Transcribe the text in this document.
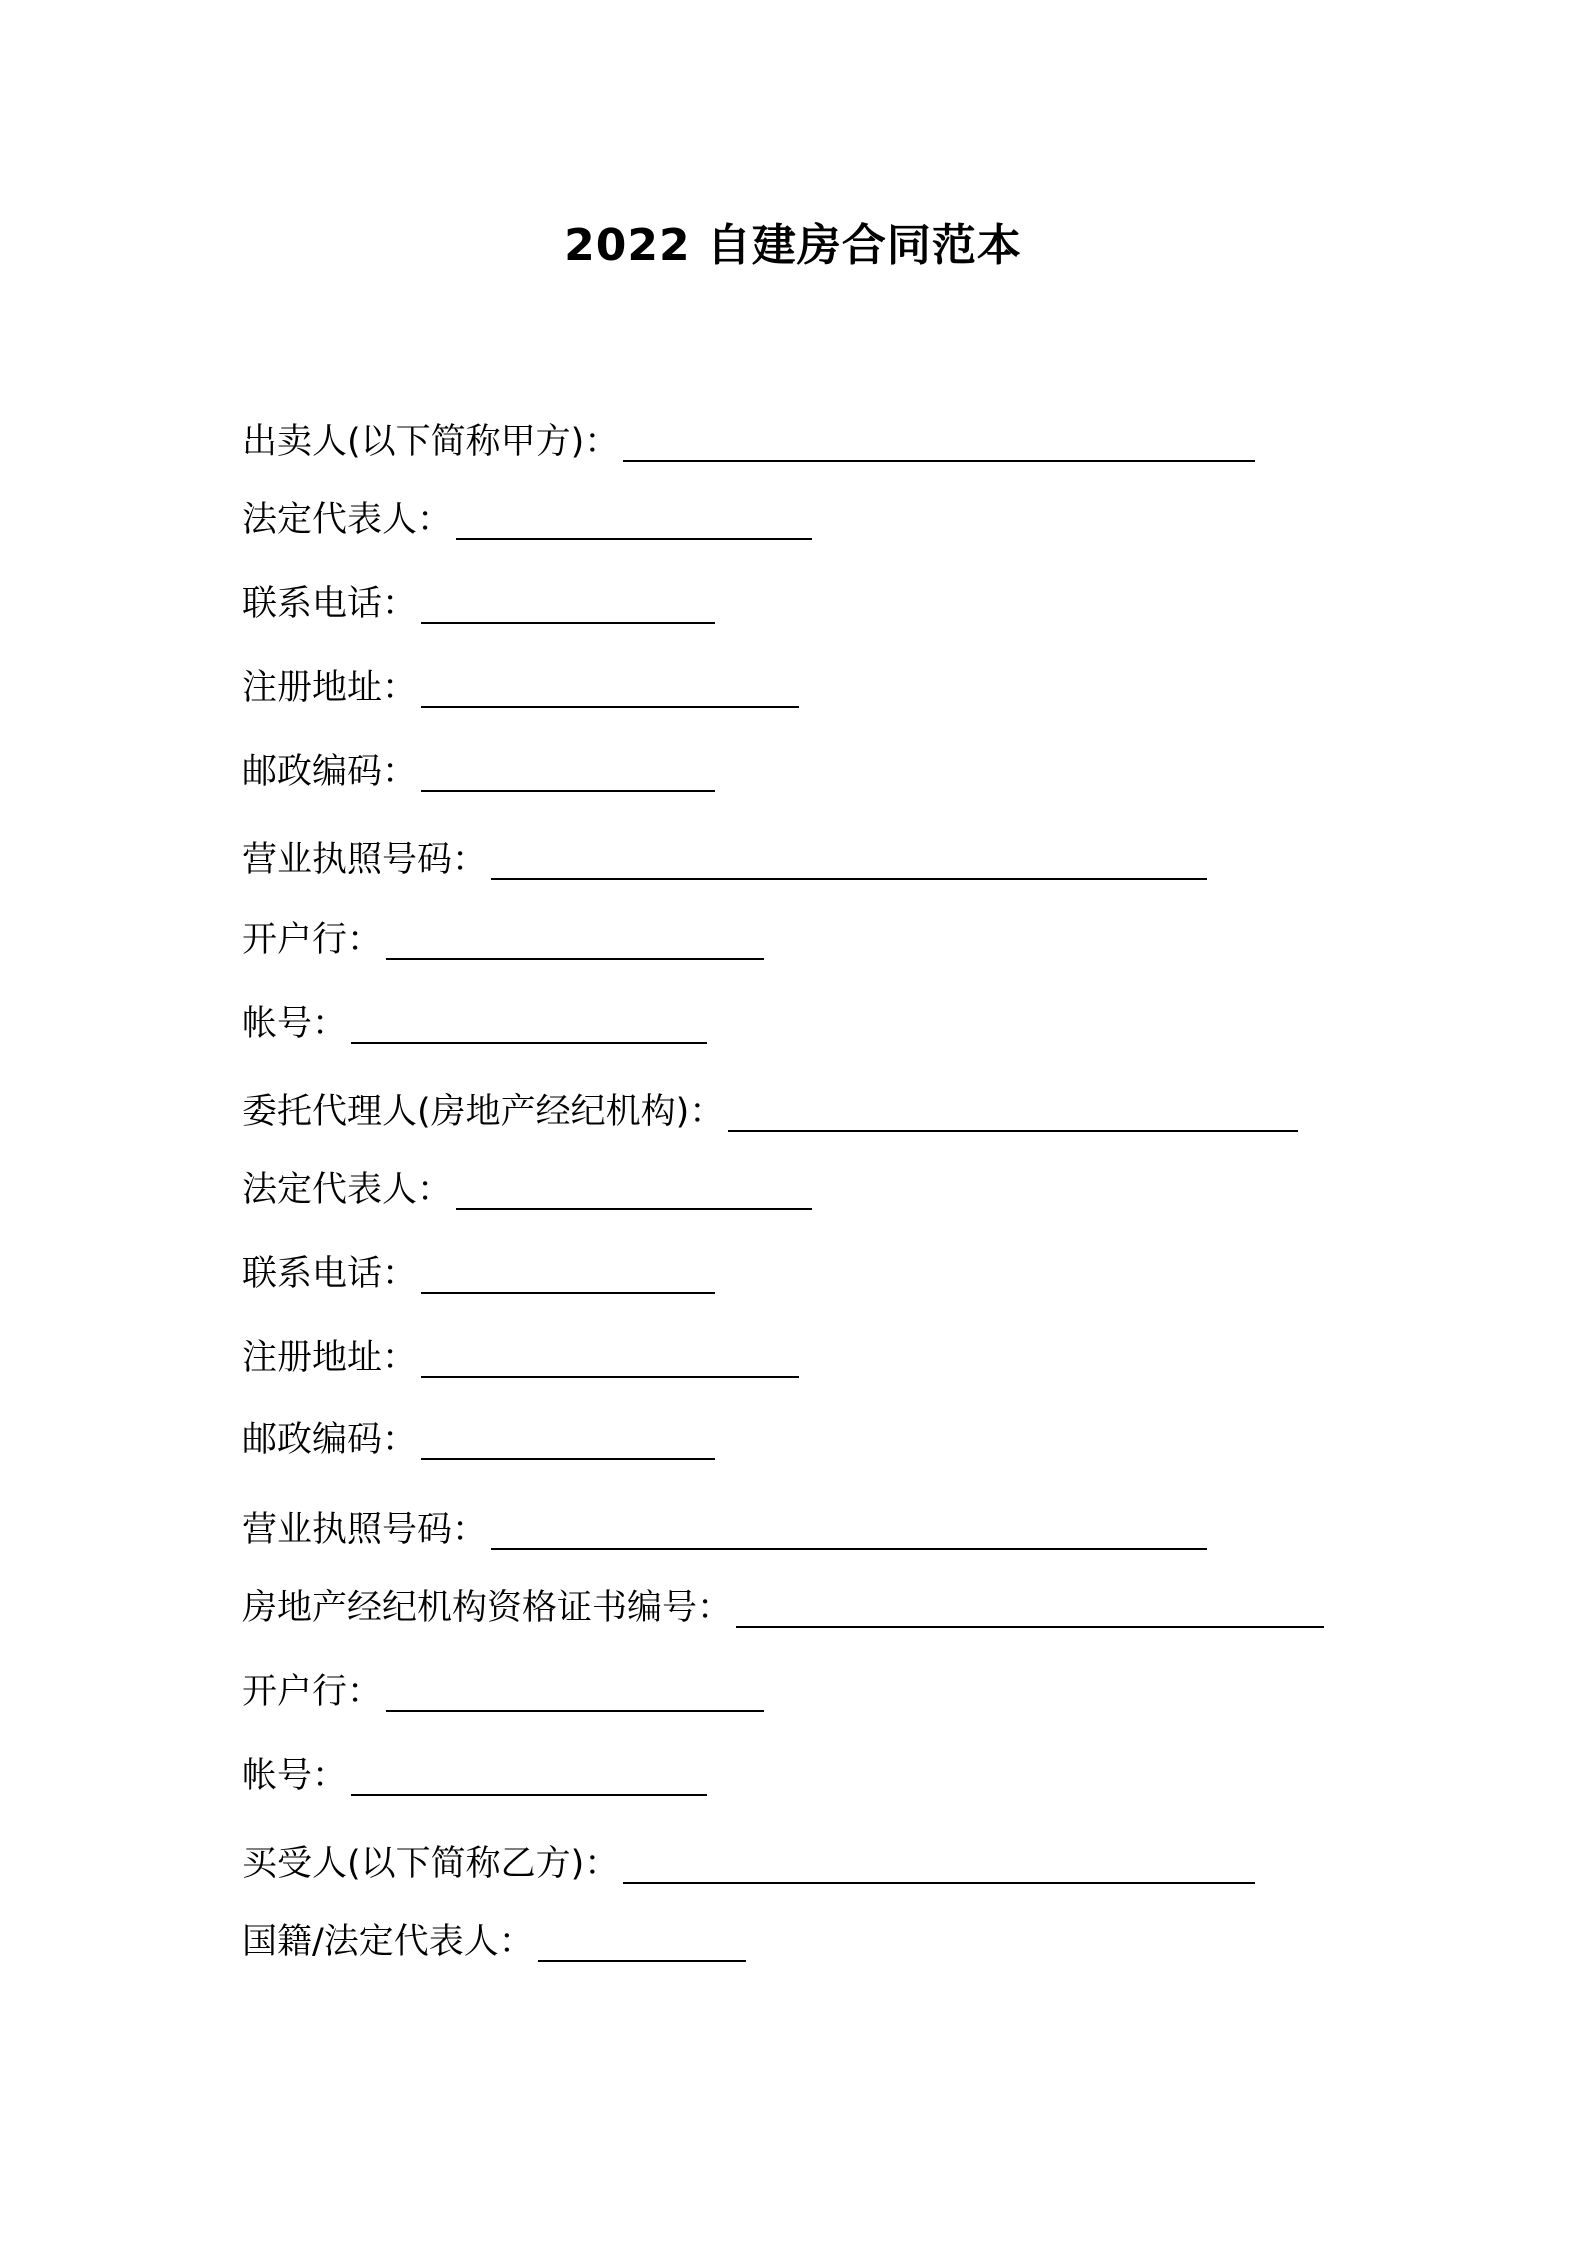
2022 自建房合同范本
出卖人(以下简称甲方)：
法定代表人：
联系电话：
注册地址：
邮政编码：
营业执照号码：
开户行：
帐号：
委托代理人(房地产经纪机构)：
法定代表人：
联系电话：
注册地址：
邮政编码：
营业执照号码：
房地产经纪机构资格证书编号：
开户行：
帐号：
买受人(以下简称乙方)：
国籍/法定代表人：
